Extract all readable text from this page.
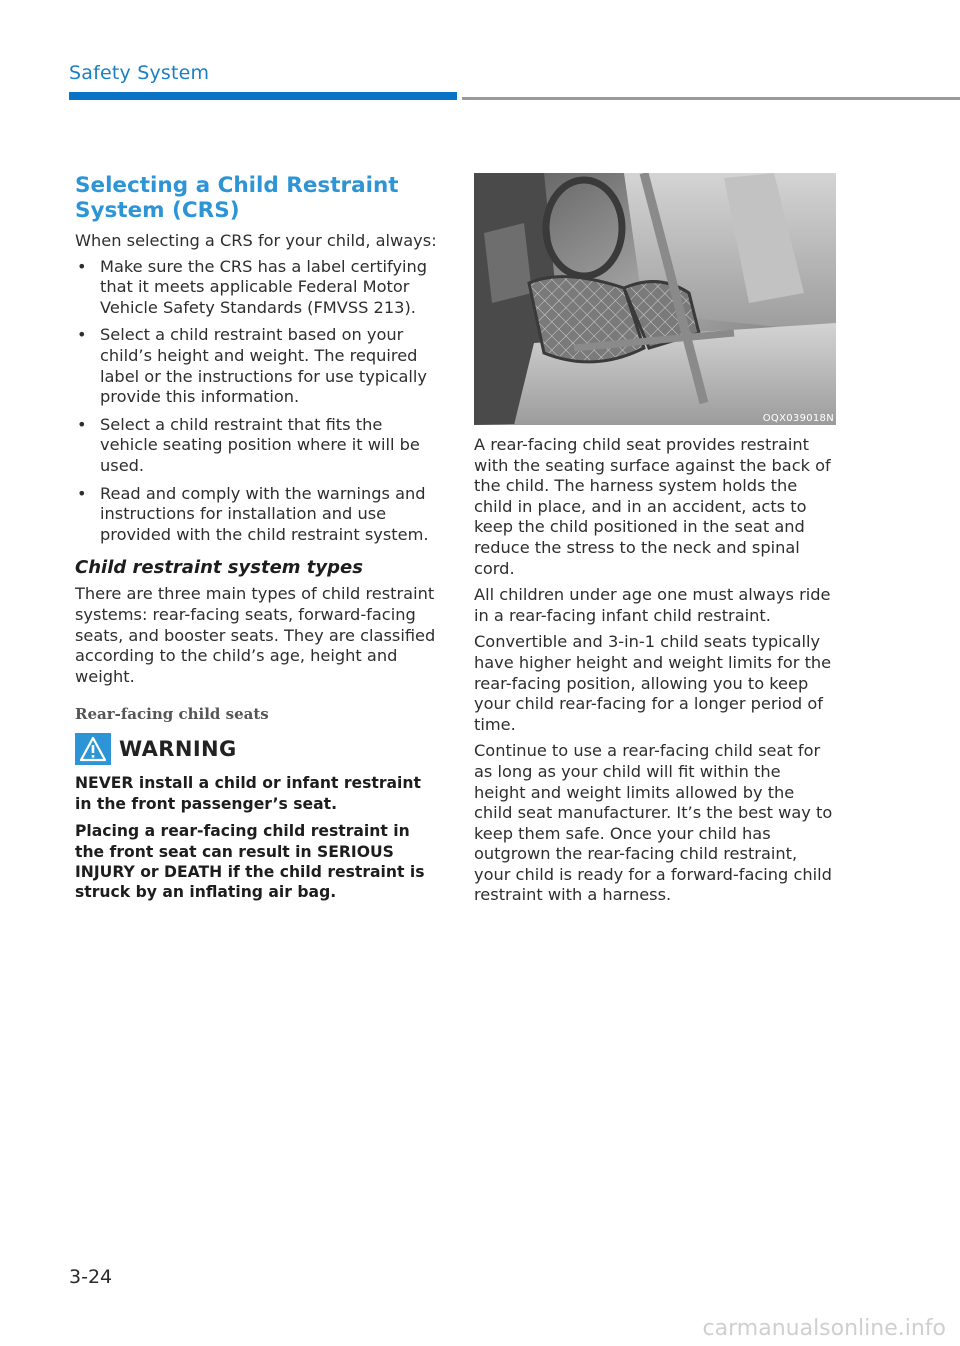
Safety System
Selecting a Child Restraint System (CRS)

When selecting a CRS for your child, always:

• Make sure the CRS has a label certifying that it meets applicable Federal Motor Vehicle Safety Standards (FMVSS 213).
• Select a child restraint based on your child’s height and weight. The required label or the instructions for use typically provide this information.
• Select a child restraint that fits the vehicle seating position where it will be used.
• Read and comply with the warnings and instructions for installation and use provided with the child restraint system.
Child restraint system types

There are three main types of child restraint systems: rear-facing seats, forward-facing seats, and booster seats. They are classified according to the child’s age, height and weight.

Rear-facing child seats
WARNING

NEVER install a child or infant restraint in the front passenger’s seat.

Placing a rear-facing child restraint in the front seat can result in SERIOUS INJURY or DEATH if the child restraint is struck by an inflating air bag.

OQX039018N

A rear-facing child seat provides restraint with the seating surface against the back of the child. The harness system holds the child in place, and in an accident, acts to keep the child positioned in the seat and reduce the stress to the neck and spinal cord.

All children under age one must always ride in a rear-facing infant child restraint.

Convertible and 3-in-1 child seats typically have higher height and weight limits for the rear-facing position, allowing you to keep your child rear-facing for a longer period of time.

Continue to use a rear-facing child seat for as long as your child will fit within the height and weight limits allowed by the child seat manufacturer. It’s the best way to keep them safe. Once your child has outgrown the rear-facing child restraint, your child is ready for a forward-facing child restraint with a harness.

3-24
carmanualsonline.info
